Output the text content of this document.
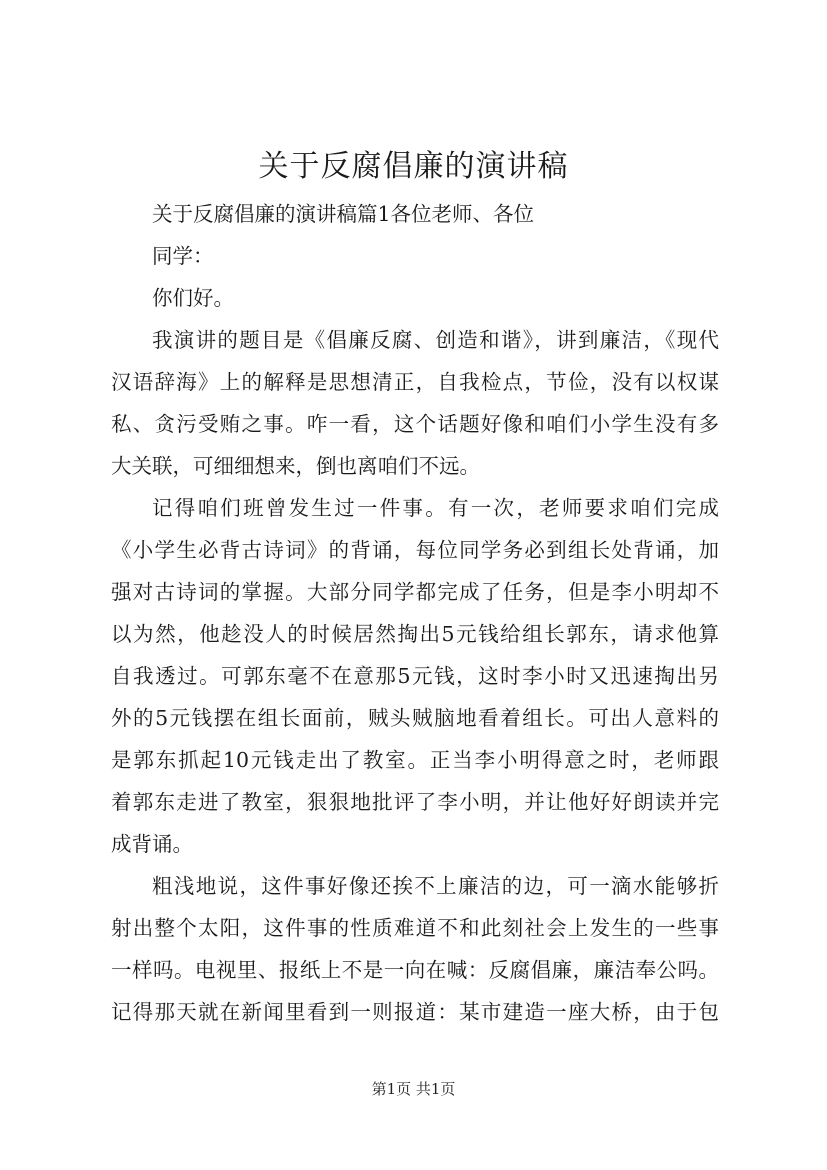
关于反腐倡廉的演讲稿
关于反腐倡廉的演讲稿篇1各位老师、各位
同学：
你们好。
我演讲的题目是《倡廉反腐、创造和谐》，讲到廉洁，《现代
汉语辞海》上的解释是思想清正，自我检点，节俭，没有以权谋
私、贪污受贿之事。咋一看，这个话题好像和咱们小学生没有多
大关联，可细细想来，倒也离咱们不远。
记得咱们班曾发生过一件事。有一次，老师要求咱们完成
《小学生必背古诗词》的背诵，每位同学务必到组长处背诵，加
强对古诗词的掌握。大部分同学都完成了任务，但是李小明却不
以为然，他趁没人的时候居然掏出5元钱给组长郭东，请求他算
自我透过。可郭东毫不在意那5元钱，这时李小时又迅速掏出另
外的5元钱摆在组长面前，贼头贼脑地看着组长。可出人意料的
是郭东抓起10元钱走出了教室。正当李小明得意之时，老师跟
着郭东走进了教室，狠狠地批评了李小明，并让他好好朗读并完
成背诵。
粗浅地说，这件事好像还挨不上廉洁的边，可一滴水能够折
射出整个太阳，这件事的性质难道不和此刻社会上发生的一些事
一样吗。电视里、报纸上不是一向在喊：反腐倡廉，廉洁奉公吗。
记得那天就在新闻里看到一则报道：某市建造一座大桥，由于包
第1页 共1页
